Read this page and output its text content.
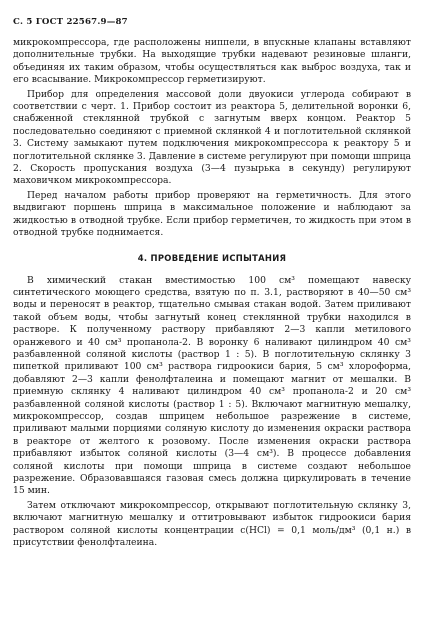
С. 5 ГОСТ 22567.9—87

микрокомпрессора, где расположены ниппели, в впускные клапаны вставляют дополнительные трубки. На выходящие трубки надевают резиновые шланги, объединяя их таким образом, чтобы осуществляться как выброс воздуха, так и его всасывание. Микрокомпрессор герметизируют.

Прибор для определения массовой доли двуокиси углерода собирают в соответствии с черт. 1. Прибор состоит из реактора 5, делительной воронки 6, снабженной стеклянной трубкой с загнутым вверх концом. Реактор 5 последовательно соединяют с приемной склянкой 4 и поглотительной склянкой 3. Систему замыкают путем подключения микрокомпрессора к реактору 5 и поглотительной склянке 3. Давление в системе регулируют при помощи шприца 2. Скорость пропускания воздуха (3—4 пузырька в секунду) регулируют маховичком микрокомпрессора.

Перед началом работы прибор проверяют на герметичность. Для этого выдвигают поршень шприца в максимальное положение и наблюдают за жидкостью в отводной трубке. Если прибор герметичен, то жидкость при этом в отводной трубке поднимается.

4. ПРОВЕДЕНИЕ ИСПЫТАНИЯ

В химический стакан вместимостью 100 см³ помещают навеску синтетического моющего средства, взятую по п. 3.1, растворяют в 40—50 см³ воды и переносят в реактор, тщательно смывая стакан водой. Затем приливают такой объем воды, чтобы загнутый конец стеклянной трубки находился в растворе. К полученному раствору прибавляют 2—3 капли метилового оранжевого и 40 см³ пропанола-2. В воронку 6 наливают цилиндром 40 см³ разбавленной соляной кислоты (раствор 1 : 5). В поглотительную склянку 3 пипеткой приливают 100 см³ раствора гидроокиси бария, 5 см³ хлороформа, добавляют 2—3 капли фенолфталеина и помещают магнит от мешалки. В приемную склянку 4 наливают цилиндром 40 см³ пропанола-2 и 20 см³ разбавленной соляной кислоты (раствор 1 : 5). Включают магнитную мешалку, микрокомпрессор, создав шприцем небольшое разрежение в системе, приливают малыми порциями соляную кислоту до изменения окраски раствора в реакторе от желтого к розовому. После изменения окраски раствора прибавляют избыток соляной кислоты (3—4 см³). В процессе добавления соляной кислоты при помощи шприца в системе создают небольшое разрежение. Образовавшаяся газовая смесь должна циркулировать в течение 15 мин.

Затем отключают микрокомпрессор, открывают поглотительную склянку 3, включают магнитную мешалку и оттитровывают избыток гидроокиси бария раствором соляной кислоты концентрации c(HCl) = 0,1 моль/дм³ (0,1 н.) в присутствии фенолфталеина.
